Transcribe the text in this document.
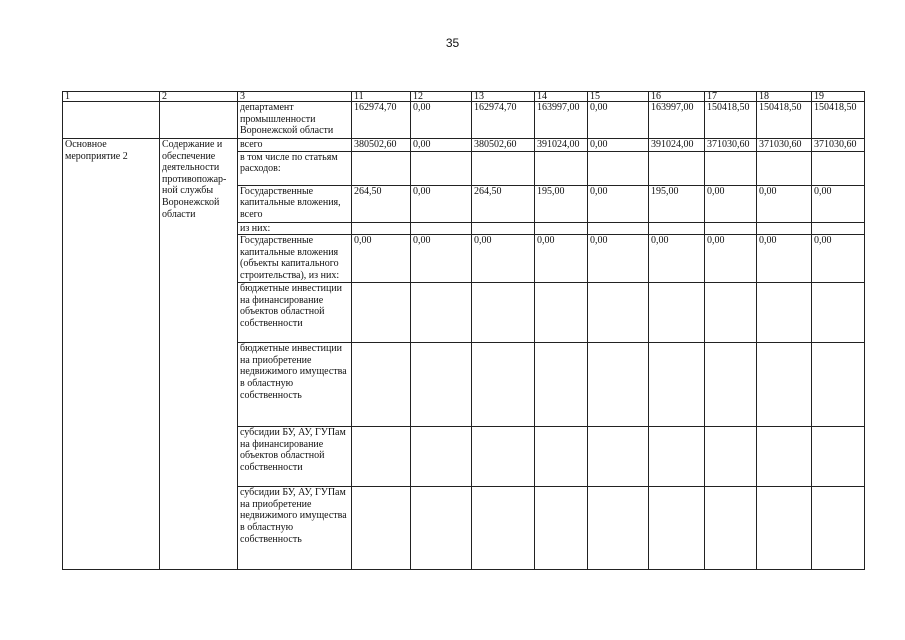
35
1	2	3	11	12	13	14	15	16	17	18	19
		департамент промышленности Воронежской области	162974,70	0,00	162974,70	163997,00	0,00	163997,00	150418,50	150418,50	150418,50
Основное мероприятие 2	Содержание и обеспечение деятельности противопожар-ной службы Воронежской области	всего	380502,60	0,00	380502,60	391024,00	0,00	391024,00	371030,60	371030,60	371030,60
		в том числе по статьям расходов:									
		Государственные капитальные вложения, всего	264,50	0,00	264,50	195,00	0,00	195,00	0,00	0,00	0,00
		из них:									
		Государственные капитальные вложения (объекты капитального строительства), из них:	0,00	0,00	0,00	0,00	0,00	0,00	0,00	0,00	0,00
		бюджетные инвестиции на финансирование объектов областной собственности									
		бюджетные инвестиции на приобретение недвижимого имущества в областную собственность									
		субсидии БУ, АУ, ГУПам на финансирование объектов областной собственности									
		субсидии БУ, АУ, ГУПам на приобретение недвижимого имущества в областную собственность									
